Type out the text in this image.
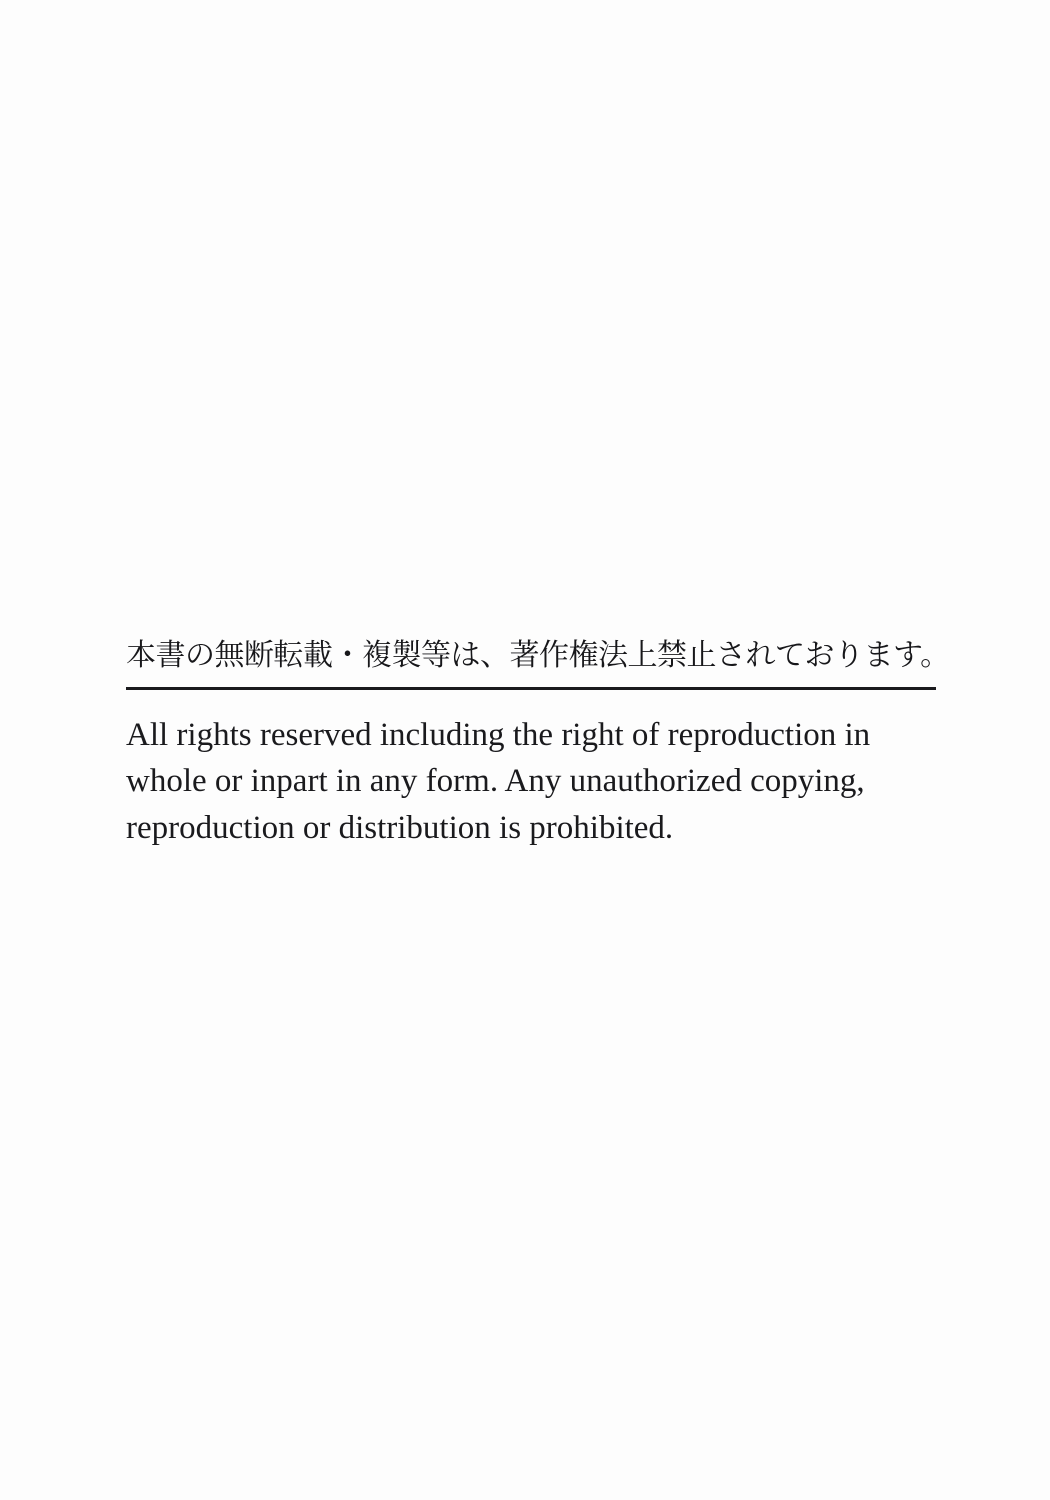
本書の無断転載・複製等は、著作権法上禁止されております。

All rights reserved including the right of reproduction in whole or inpart in any form. Any unauthorized copying, reproduction or distribution is prohibited.
